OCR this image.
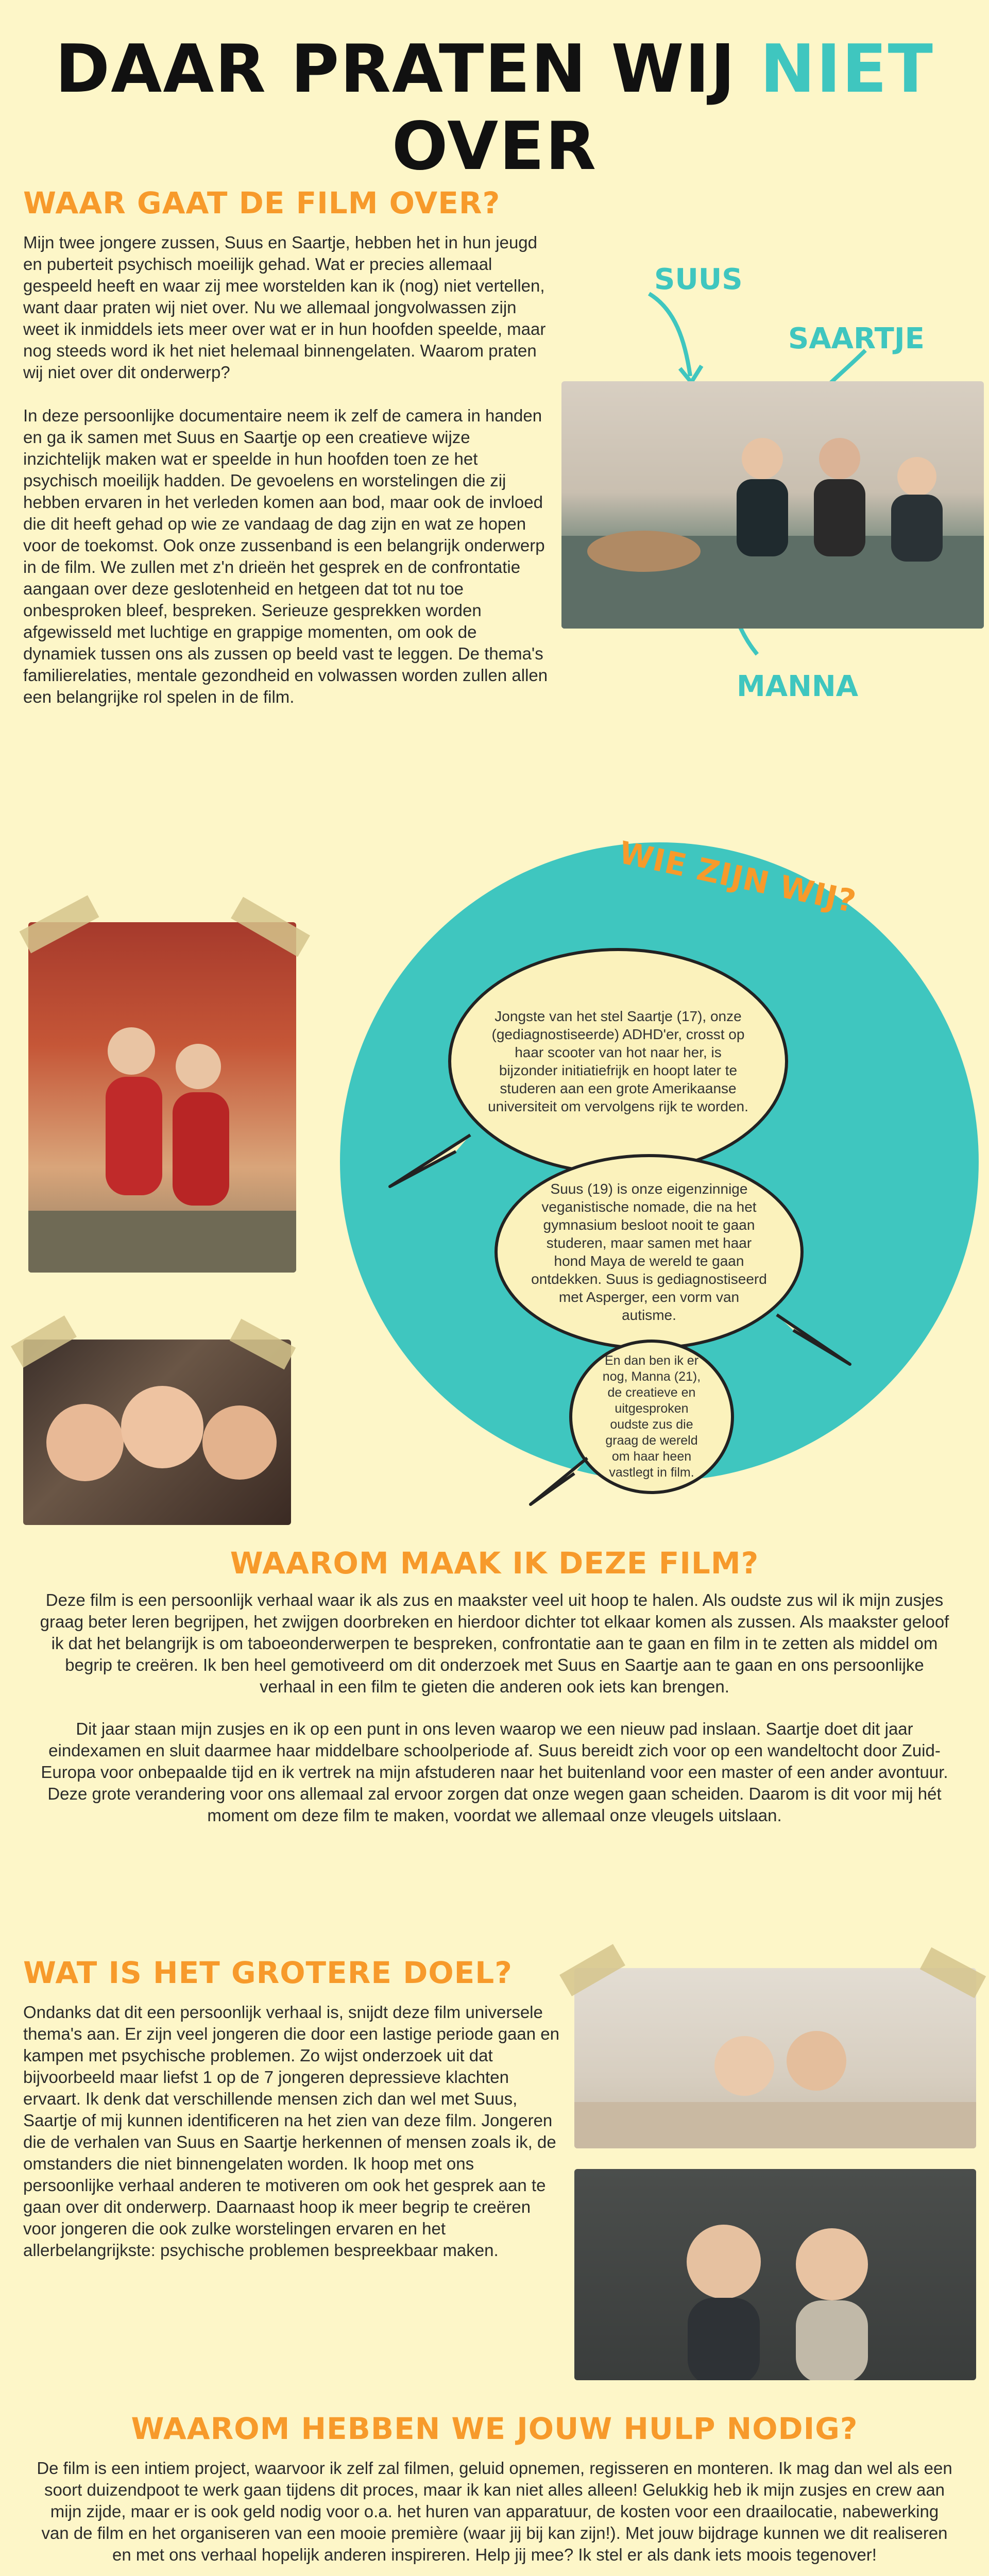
DAAR PRATEN WIJ NIET OVER
WAAR GAAT DE FILM OVER?

Mijn twee jongere zussen, Suus en Saartje, hebben het in hun jeugd en puberteit psychisch moeilijk gehad. Wat er precies allemaal gespeeld heeft en waar zij mee worstelden kan ik (nog) niet vertellen, want daar praten wij niet over. Nu we allemaal jongvolwassen zijn weet ik inmiddels iets meer over wat er in hun hoofden speelde, maar nog steeds word ik het niet helemaal binnengelaten. Waarom praten wij niet over dit onderwerp?

In deze persoonlijke documentaire neem ik zelf de camera in handen en ga ik samen met Suus en Saartje op een creatieve wijze inzichtelijk maken wat er speelde in hun hoofden toen ze het psychisch moeilijk hadden. De gevoelens en worstelingen die zij hebben ervaren in het verleden komen aan bod, maar ook de invloed die dit heeft gehad op wie ze vandaag de dag zijn en wat ze hopen voor de toekomst. Ook onze zussenband is een belangrijk onderwerp in de film. We zullen met z'n drieën het gesprek en de confrontatie aangaan over deze geslotenheid en hetgeen dat tot nu toe onbesproken bleef, bespreken. Serieuze gesprekken worden afgewisseld met luchtige en grappige momenten, om ook de dynamiek tussen ons als zussen op beeld vast te leggen. De thema's familierelaties, mentale gezondheid en volwassen worden zullen allen een belangrijke rol spelen in de film.

SUUS
SAARTJE
MANNA
WIE ZIJN WIJ?

Jongste van het stel Saartje (17), onze (gediagnostiseerde) ADHD'er, crosst op haar scooter van hot naar her, is bijzonder initiatiefrijk en hoopt later te studeren aan een grote Amerikaanse universiteit om vervolgens rijk te worden.

Suus (19) is onze eigenzinnige veganistische nomade, die na het gymnasium besloot nooit te gaan studeren, maar samen met haar hond Maya de wereld te gaan ontdekken. Suus is gediagnostiseerd met Asperger, een vorm van autisme.

En dan ben ik er nog, Manna (21), de creatieve en uitgesproken oudste zus die graag de wereld om haar heen vastlegt in film.

WAAROM MAAK IK DEZE FILM?

Deze film is een persoonlijk verhaal waar ik als zus en maakster veel uit hoop te halen. Als oudste zus wil ik mijn zusjes graag beter leren begrijpen, het zwijgen doorbreken en hierdoor dichter tot elkaar komen als zussen. Als maakster geloof ik dat het belangrijk is om taboeonderwerpen te bespreken, confrontatie aan te gaan en film in te zetten als middel om begrip te creëren. Ik ben heel gemotiveerd om dit onderzoek met Suus en Saartje aan te gaan en ons persoonlijke verhaal in een film te gieten die anderen ook iets kan brengen.

Dit jaar staan mijn zusjes en ik op een punt in ons leven waarop we een nieuw pad inslaan. Saartje doet dit jaar eindexamen en sluit daarmee haar middelbare schoolperiode af. Suus bereidt zich voor op een wandeltocht door Zuid-Europa voor onbepaalde tijd en ik vertrek na mijn afstuderen naar het buitenland voor een master of een ander avontuur. Deze grote verandering voor ons allemaal zal ervoor zorgen dat onze wegen gaan scheiden. Daarom is dit voor mij hét moment om deze film te maken, voordat we allemaal onze vleugels uitslaan.

WAT IS HET GROTERE DOEL?

Ondanks dat dit een persoonlijk verhaal is, snijdt deze film universele thema's aan. Er zijn veel jongeren die door een lastige periode gaan en kampen met psychische problemen. Zo wijst onderzoek uit dat bijvoorbeeld maar liefst 1 op de 7 jongeren depressieve klachten ervaart. Ik denk dat verschillende mensen zich dan wel met Suus, Saartje of mij kunnen identificeren na het zien van deze film. Jongeren die de verhalen van Suus en Saartje herkennen of mensen zoals ik, de omstanders die niet binnengelaten worden. Ik hoop met ons persoonlijke verhaal anderen te motiveren om ook het gesprek aan te gaan over dit onderwerp. Daarnaast hoop ik meer begrip te creëren voor jongeren die ook zulke worstelingen ervaren en het allerbelangrijkste: psychische problemen bespreekbaar maken.

WAAROM HEBBEN WE JOUW HULP NODIG?

De film is een intiem project, waarvoor ik zelf zal filmen, geluid opnemen, regisseren en monteren. Ik mag dan wel als een soort duizendpoot te werk gaan tijdens dit proces, maar ik kan niet alles alleen! Gelukkig heb ik mijn zusjes en crew aan mijn zijde, maar er is ook geld nodig voor o.a. het huren van apparatuur, de kosten voor een draailocatie, nabewerking van de film en het organiseren van een mooie première (waar jij bij kan zijn!). Met jouw bijdrage kunnen we dit realiseren en met ons verhaal hopelijk anderen inspireren. Help jij mee? Ik stel er als dank iets moois tegenover!
